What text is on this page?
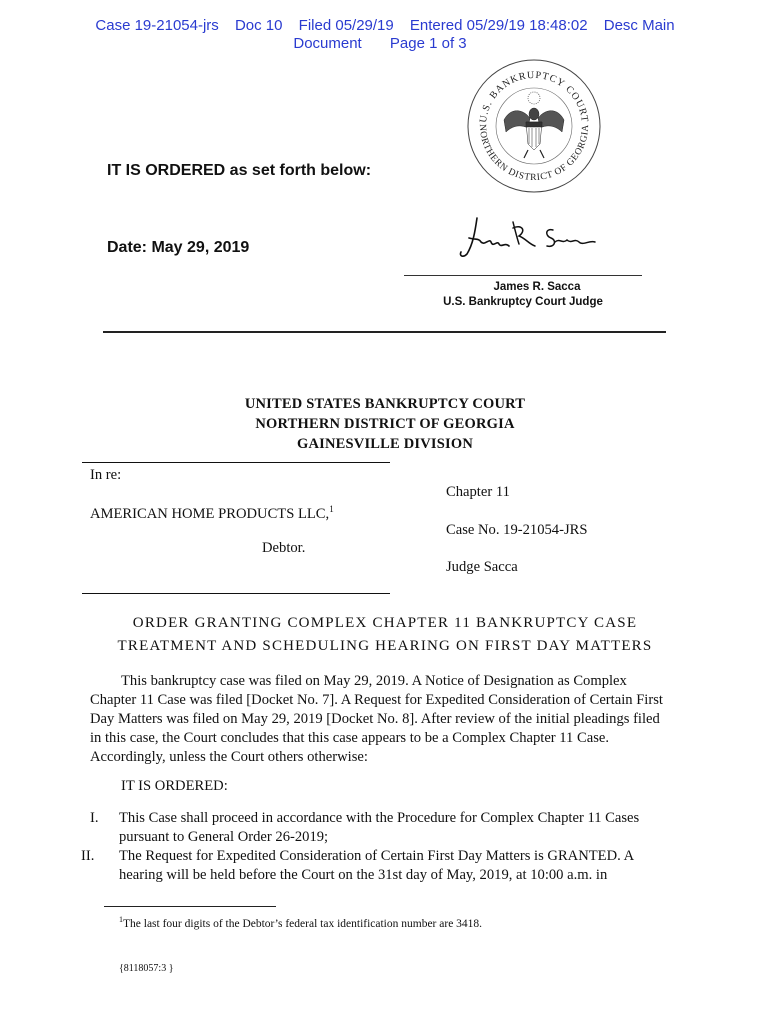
Case 19-21054-jrs Doc 10 Filed 05/29/19 Entered 05/29/19 18:48:02 Desc Main
Document Page 1 of 3
U.S. BANKRUPTCY COURT
NORTHERN DISTRICT OF GEORGIA
IT IS ORDERED as set forth below:
Date: May 29, 2019
James R. Sacca
U.S. Bankruptcy Court Judge
UNITED STATES BANKRUPTCY COURT
NORTHERN DISTRICT OF GEORGIA
GAINESVILLE DIVISION
In re:
AMERICAN HOME PRODUCTS LLC,$^1$
Debtor.
Chapter 11
Case No. 19-21054-JRS
Judge Sacca
ORDER GRANTING COMPLEX CHAPTER 11 BANKRUPTCY CASE
TREATMENT AND SCHEDULING HEARING ON FIRST DAY MATTERS
This bankruptcy case was filed on May 29, 2019. A Notice of Designation as Complex
Chapter 11 Case was filed [Docket No. 7]. A Request for Expedited Consideration of Certain First
Day Matters was filed on May 29, 2019 [Docket No. 8]. After review of the initial pleadings filed
in this case, the Court concludes that this case appears to be a Complex Chapter 11 Case.
Accordingly, unless the Court others otherwise:
IT IS ORDERED:
I. This Case shall proceed in accordance with the Procedure for Complex Chapter 11 Cases
pursuant to General Order 26-2019;
II. The Request for Expedited Consideration of Certain First Day Matters is GRANTED. A
hearing will be held before the Court on the 31st day of May, 2019, at 10:00 a.m. in
$^1$The last four digits of the Debtor’s federal tax identification number are 3418.
{8118057:3 }
